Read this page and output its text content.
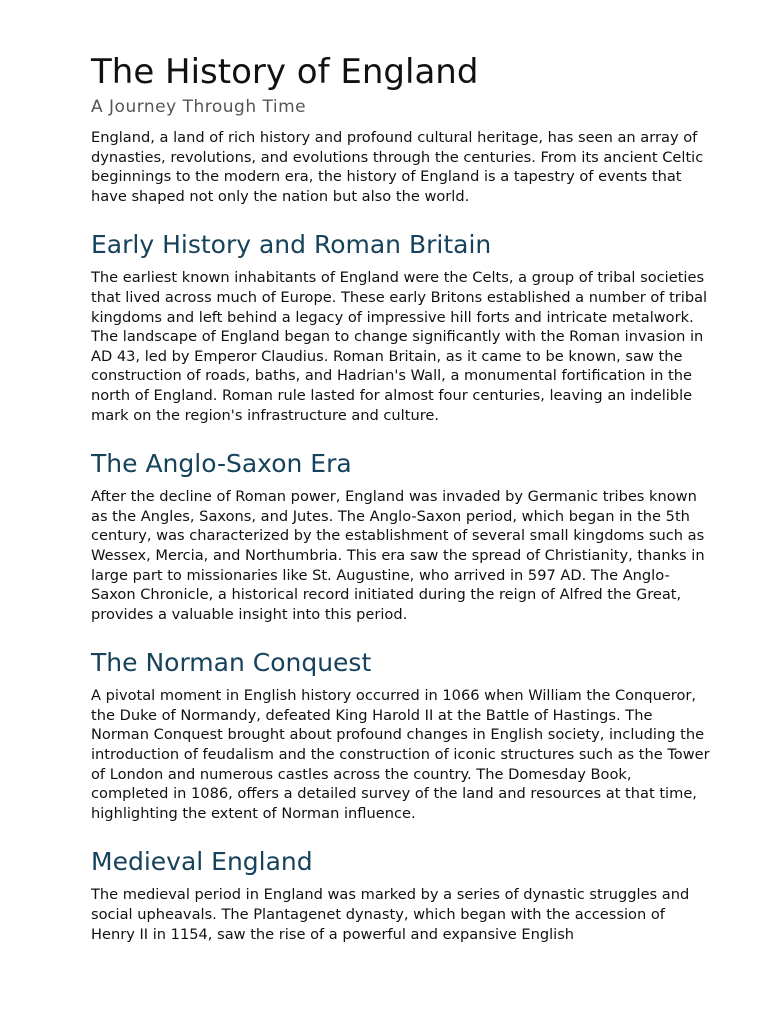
The History of England
A Journey Through Time

England, a land of rich history and profound cultural heritage, has seen an array of dynasties, revolutions, and evolutions through the centuries. From its ancient Celtic beginnings to the modern era, the history of England is a tapestry of events that have shaped not only the nation but also the world.

Early History and Roman Britain

The earliest known inhabitants of England were the Celts, a group of tribal societies that lived across much of Europe. These early Britons established a number of tribal kingdoms and left behind a legacy of impressive hill forts and intricate metalwork. The landscape of England began to change significantly with the Roman invasion in AD 43, led by Emperor Claudius. Roman Britain, as it came to be known, saw the construction of roads, baths, and Hadrian's Wall, a monumental fortification in the north of England. Roman rule lasted for almost four centuries, leaving an indelible mark on the region's infrastructure and culture.

The Anglo-Saxon Era

After the decline of Roman power, England was invaded by Germanic tribes known as the Angles, Saxons, and Jutes. The Anglo-Saxon period, which began in the 5th century, was characterized by the establishment of several small kingdoms such as Wessex, Mercia, and Northumbria. This era saw the spread of Christianity, thanks in large part to missionaries like St. Augustine, who arrived in 597 AD. The Anglo-Saxon Chronicle, a historical record initiated during the reign of Alfred the Great, provides a valuable insight into this period.

The Norman Conquest

A pivotal moment in English history occurred in 1066 when William the Conqueror, the Duke of Normandy, defeated King Harold II at the Battle of Hastings. The Norman Conquest brought about profound changes in English society, including the introduction of feudalism and the construction of iconic structures such as the Tower of London and numerous castles across the country. The Domesday Book, completed in 1086, offers a detailed survey of the land and resources at that time, highlighting the extent of Norman influence.

Medieval England

The medieval period in England was marked by a series of dynastic struggles and social upheavals. The Plantagenet dynasty, which began with the accession of Henry II in 1154, saw the rise of a powerful and expansive English
